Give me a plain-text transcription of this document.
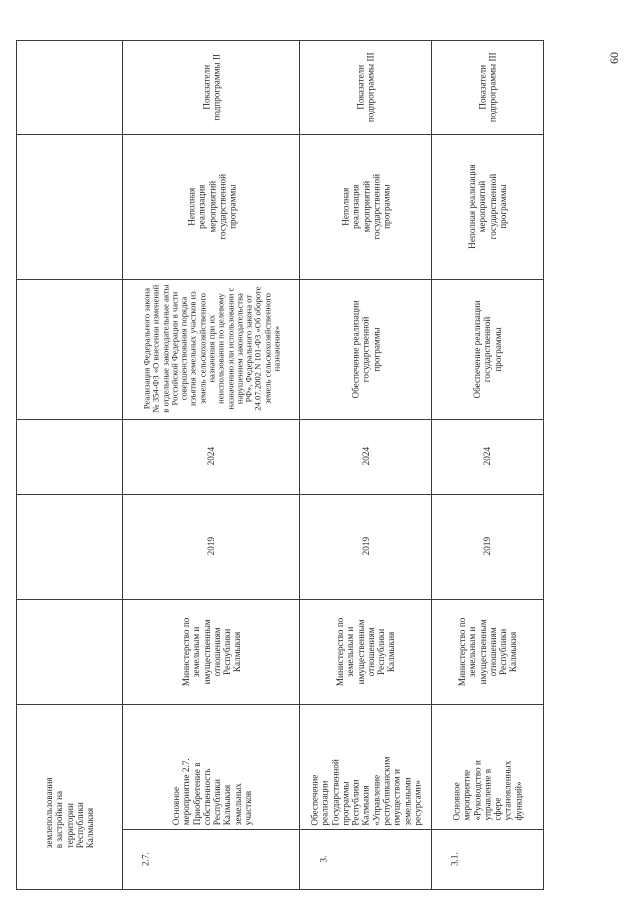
60
землепользования
в застройки на
территории
Республики
Калмыкия
2.7.
Основное
мероприятие 2.7.
Приобретение в
собственность
Республики
Калмыкия
земельных
участков
Министерство по
земельным и
имущественным
отношениям
Республики
Калмыкия
2019
2024
Реализация Федерального закона
№ 354-ФЗ «О внесении изменений
в отдельные законодательные акты
Российской Федерации в части
совершенствования порядка
изъятия земельных участков из
земель сельскохозяйственного
назначения при их
неиспользовании по целевому
назначению или использовании с
нарушением законодательства
РФ», Федерального закона от
24.07.2002 N 101-ФЗ «Об обороте
земель сельскохозяйственного
назначения»
Неполная
реализация
мероприятий
государственной
программы
Показатели
подпрограммы II
3.
Обеспечение
реализации
Государственной
программы
Республики
Калмыкия
«Управление
республиканским
имуществом и
земельными
ресурсами»
Министерство по
земельным и
имущественным
отношениям
Республики
Калмыкия
2019
2024
Обеспечение реализации
государственной
программы
Неполная
реализация
мероприятий
государственной
программы
Показатели
подпрограммы III
3.1.
Основное
мероприятие
«Руководство и
управление в
сфере
установленных
функций»
Министерство по
земельным и
имущественным
отношениям
Республики
Калмыкия
2019
2024
Обеспечение реализации
государственной
программы
Неполная реализация
мероприятий
государственной
программы
Показатели
подпрограммы III
